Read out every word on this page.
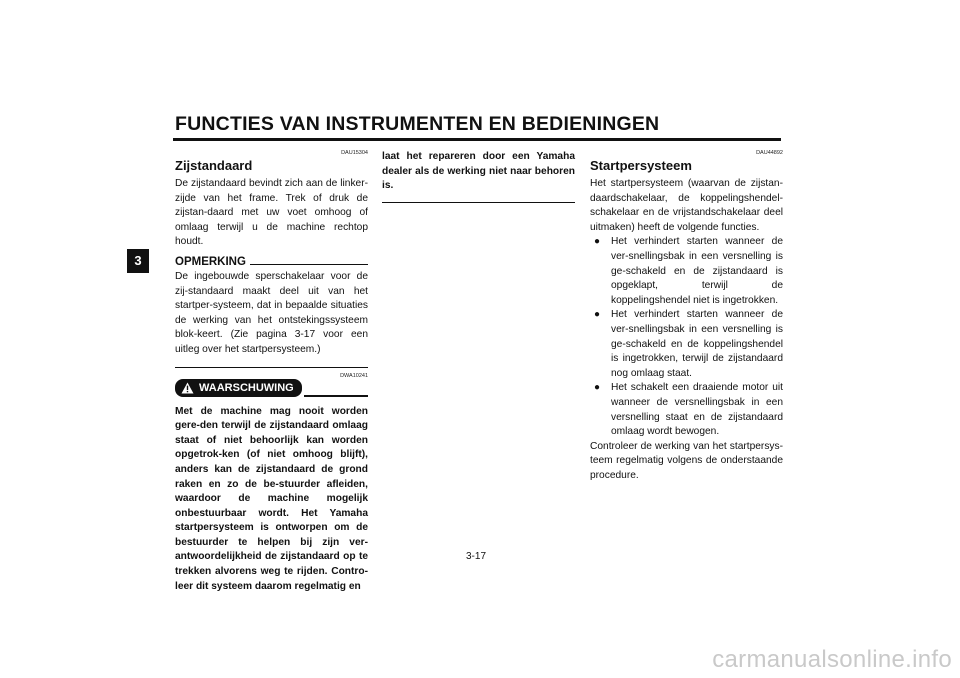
FUNCTIES VAN INSTRUMENTEN EN BEDIENINGEN
3

DAU15304

Zijstandaard

De zijstandaard bevindt zich aan de linker-zijde van het frame. Trek of druk de zijstan-daard met uw voet omhoog of omlaag terwijl u de machine rechtop houdt.

OPMERKING

De ingebouwde sperschakelaar voor de zij-standaard maakt deel uit van het startper-systeem, dat in bepaalde situaties de werking van het ontstekingssysteem blok-keert. (Zie pagina 3-17 voor een uitleg over het startpersysteem.)

DWA10241

WAARSCHUWING

Met de machine mag nooit worden gere-den terwijl de zijstandaard omlaag staat of niet behoorlijk kan worden opgetrok-ken (of niet omhoog blijft), anders kan de zijstandaard de grond raken en zo de be-stuurder afleiden, waardoor de machine mogelijk onbestuurbaar wordt. Het Yamaha startpersysteem is ontworpen om de bestuurder te helpen bij zijn ver-antwoordelijkheid de zijstandaard op te trekken alvorens weg te rijden. Contro-leer dit systeem daarom regelmatig en

laat het repareren door een Yamaha dealer als de werking niet naar behoren is.

DAU44892

Startpersysteem

Het startpersysteem (waarvan de zijstan-daardschakelaar, de koppelingshendel-schakelaar en de vrijstandschakelaar deel uitmaken) heeft de volgende functies.

● Het verhindert starten wanneer de ver-snellingsbak in een versnelling is ge-schakeld en de zijstandaard is opgeklapt, terwijl de koppelingshendel niet is ingetrokken.
● Het verhindert starten wanneer de ver-snellingsbak in een versnelling is ge-schakeld en de koppelingshendel is ingetrokken, terwijl de zijstandaard nog omlaag staat.
● Het schakelt een draaiende motor uit wanneer de versnellingsbak in een versnelling staat en de zijstandaard omlaag wordt bewogen.

Controleer de werking van het startpersys-teem regelmatig volgens de onderstaande procedure.

3-17

carmanualsonline.info
